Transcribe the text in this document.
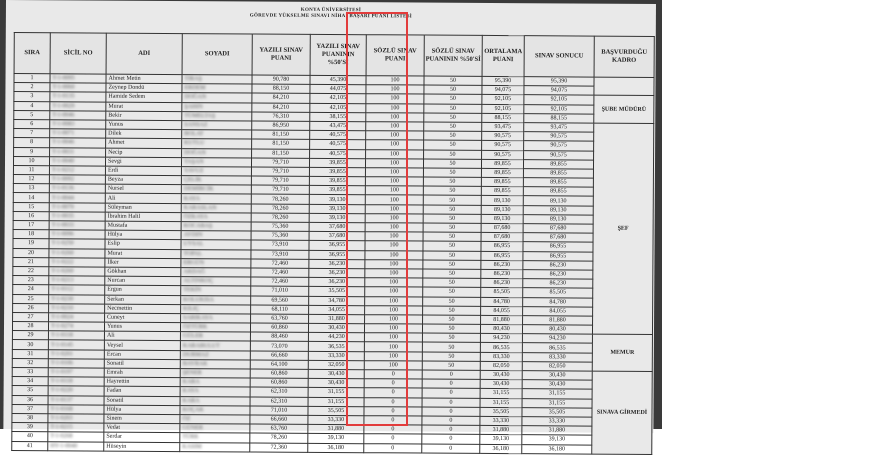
KONYA ÜNİVERSİTESİ
GÖREVDE YÜKSELME SINAVI NİHAİ BAŞARI PUANI LİSTESİ
SIRA	SİCİL NO	ADI	SOYADI	YAZILI SINAV PUANI	YAZILI SINAV PUANININ %50'Sİ	SÖZLÜ SINAV PUANI	SÖZLÜ SINAV PUANININ %50'Sİ	ORTALAMA PUANI	SINAV SONUCU	BAŞVURDUĞU KADRO
1	T-1-0095	Ahmet Metin	TIRAŞ	90,780	45,390	100	50	95,390	95,390	
2	T-1-0060	Zeynep Dondü	ERDEM	88,150	44,075	100	50	94,075	94,075	
3	T-1-0135	Hamide Sedem	DOĞAN	84,210	42,105	100	50	92,105	92,105	ŞUBE MÜDÜRÜ
4	T-1-0029	Murat	ŞAHIN	84,210	42,105	100	50	92,105	92,105	
5	T-1-0046	Bekir	TÜMELTAŞ	76,310	38,155	100	50	88,155	88,155	
6	T-1-0083	Yunus	SANSAZ	86,950	43,475	100	50	93,475	93,475	ŞEF
7	T-1-0071	Dilek	BOLAT	81,150	40,575	100	50	90,575	90,575	
8	T-1-0046	Ahmet	KUTLU	81,150	40,575	100	50	90,575	90,575	
9	T-1-0031	Necip	DOĞAN	81,150	40,575	100	50	90,575	90,575	
10	T-1-0040	Sevgi	TAŞAN	79,710	39,855	100	50	89,855	89,855	
11	T-1-0212	Erdi	YAVUZ	79,710	39,855	100	50	89,855	89,855	
12	T-1-0092	Beyza	ÇELİK	79,710	39,855	100	50	89,855	89,855	
13	T-1-0136	Nursel	DEMİRCİK	79,710	39,855	100	50	89,855	89,855	
14	T-1-0044	Ali	KAYA	78,260	39,130	100	50	89,130	89,130	
15	T-1-0070	Süleyman	KARASLAN	78,260	39,130	100	50	89,130	89,130	
16	T-1-0035	İbrahim Halil	ÖZKAYA	78,260	39,130	100	50	89,130	89,130	
17	T-1-0033	Mustafa	KOCABAŞ	75,360	37,680	100	50	87,680	87,680	
18	T-1-0096	Hülya	AYDIN	75,360	37,680	100	50	87,680	87,680	
19	T-1-0250	Eslip	UYSAL	73,910	36,955	100	50	86,955	86,955	
20	T-1-0260	Murat	TOPAL	73,910	36,955	100	50	86,955	86,955	
21	T-1-0222	İlker	ERGÜN	72,460	36,230	100	50	86,230	86,230	
22	T-1-0260	Gökhan	AKDAĞ	72,460	36,230	100	50	86,230	86,230	
23	T-1-0213	Nurcan	ALTINKOÇ	72,460	36,230	100	50	86,230	86,230	
24	T-1-0112	Ergun	TEKİN	71,010	35,505	100	50	85,505	85,505	
25	T-1-0230	Serkan	KOLUKISA	69,560	34,780	100	50	84,780	84,780	
26	T-1-0210	Necmettin	KILIÇ	68,110	34,055	100	50	84,055	84,055	
27	T-1-0024	Cuneyt	SARIKAYA	63,760	31,880	100	50	81,880	81,880	
28	T-1-0274	Yunus	ÖZTÜRK	60,860	30,430	100	50	80,430	80,430	
29	T-1-0118	Ali	GÜLER	88,460	44,230	100	50	94,230	94,230	MEMUR
30	T-1-0145	Veysel	KARABULUT	73,070	36,535	100	50	86,535	86,535	
31	T-1-0201	Ercan	DURMAZ	66,660	33,330	100	50	83,330	83,330	
32	T-1-0106	Sonatil	BAYRAK	64,100	32,050	100	50	82,050	82,050	
33	T-1-0197	Emrah	ŞENER	60,860	30,430	0	0	30,430	30,430	SINAVA GİRMEDİ
34	T-1-0118	Hayrettin	KARA	60,860	30,430	0	0	30,430	30,430	
35	T-1-0220	Fadan	KAYA	62,310	31,155	0	0	31,155	31,155	
36	T-1-0137	Sonatil	KARA	62,310	31,155	0	0	31,155	31,155	
37	T-1-0168	Hülya	KOÇAK	71,010	35,505	0	0	35,505	35,505	
38	T-1-0203	Sinem	ÖZ	66,660	33,330	0	0	33,330	33,330	
39	T-1-0215	Vedat	GÜNER	63,760	31,880	0	0	31,880	31,880	
40	T-1-0268	Serdar	TÜRK	78,260	39,130	0	0	39,130	39,130	
41	HY-1-0040	Hüseyin	KASIM	72,360	36,180	0	0	36,180	36,180	
